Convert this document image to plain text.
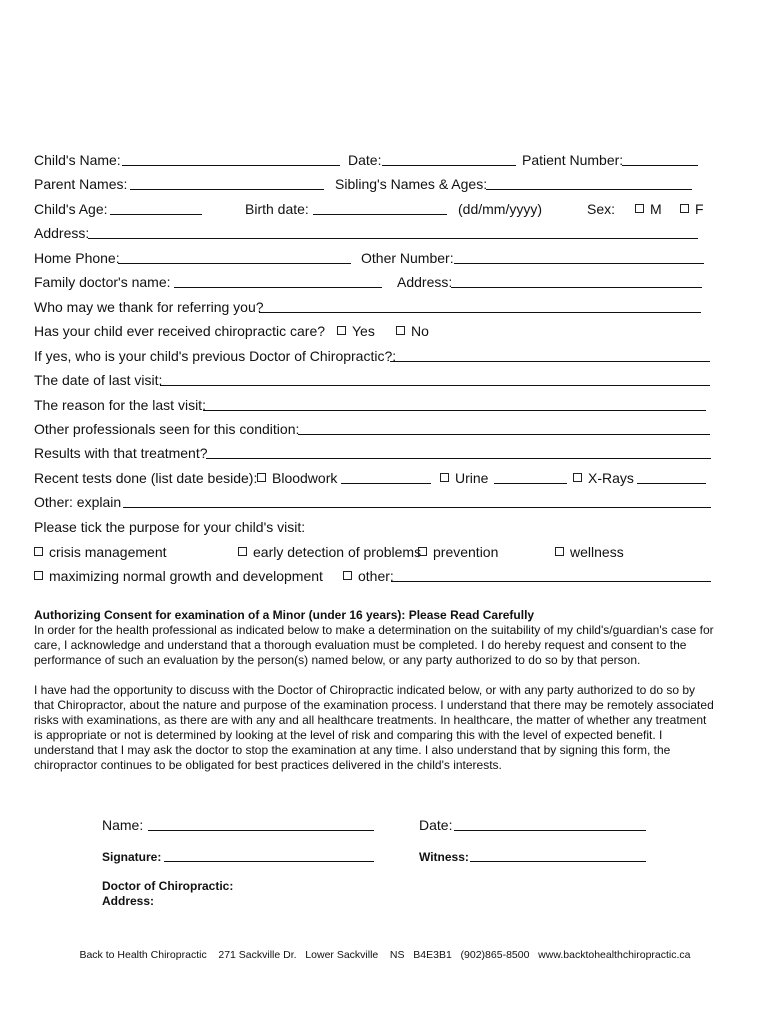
Child's Name:	Date:	Patient Number:
Parent Names:	Sibling's Names & Ages:
Child's Age:	Birth date:	(dd/mm/yyyy)	Sex:	M	F
Address:
Home Phone:	Other Number:
Family doctor's name:	Address:
Who may we thank for referring you?
Has your child ever received chiropractic care?	Yes	No
If yes, who is your child's previous Doctor of Chiropractic?:
The date of last visit:
The reason for the last visit:
Other professionals seen for this condition:
Results with that treatment?
Recent tests done (list date beside):	Bloodwork	Urine	X-Rays
Other: explain
Please tick the purpose for your child's visit:
crisis management	early detection of problems prevention	wellness
maximizing normal growth and development	other:
Authorizing Consent for examination of a Minor (under 16 years): Please Read Carefully
In order for the health professional as indicated below to make a determination on the suitability of my child's/guardian's case for care, I acknowledge and understand that a thorough evaluation must be completed. I do hereby request and consent to the performance of such an evaluation by the person(s) named below, or any party authorized to do so by that person.
I have had the opportunity to discuss with the Doctor of Chiropractic indicated below, or with any party authorized to do so by that Chiropractor, about the nature and purpose of the examination process. I understand that there may be remotely associated risks with examinations, as there are with any and all healthcare treatments. In healthcare, the matter of whether any treatment is appropriate or not is determined by looking at the level of risk and comparing this with the level of expected benefit. I understand that I may ask the doctor to stop the examination at any time. I also understand that by signing this form, the chiropractor continues to be obligated for best practices delivered in the child's interests.
Name:	Date:
Signature:	Witness:
Doctor of Chiropractic:
Address:
Back to Health Chiropractic    271 Sackville Dr.   Lower Sackville    NS   B4E3B1   (902)865-8500   www.backtohealthchiropractic.ca
